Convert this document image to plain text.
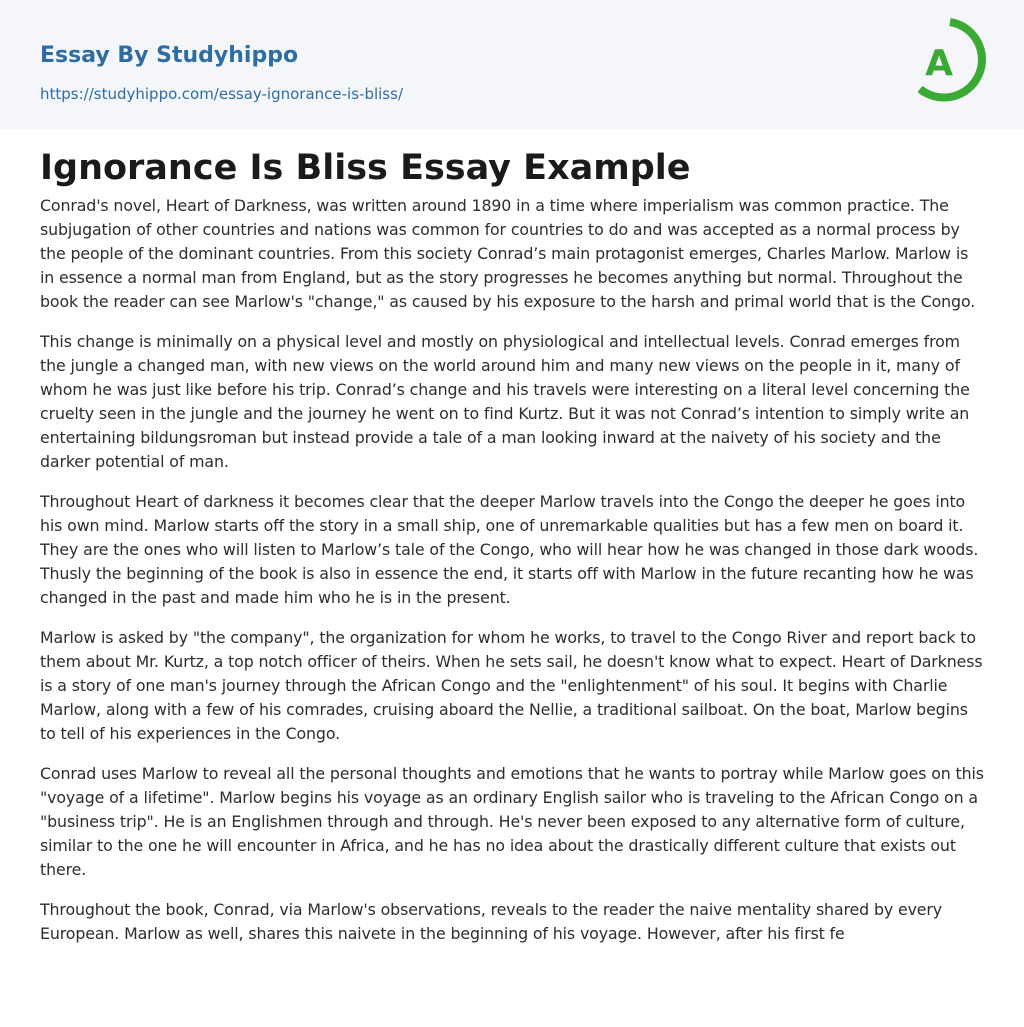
Essay By Studyhippo
https://studyhippo.com/essay-ignorance-is-bliss/
A
Ignorance Is Bliss Essay Example

Conrad's novel, Heart of Darkness, was written around 1890 in a time where imperialism was common practice. The subjugation of other countries and nations was common for countries to do and was accepted as a normal process by the people of the dominant countries. From this society Conrad’s main protagonist emerges, Charles Marlow. Marlow is in essence a normal man from England, but as the story progresses he becomes anything but normal. Throughout the book the reader can see Marlow's "change," as caused by his exposure to the harsh and primal world that is the Congo.

This change is minimally on a physical level and mostly on physiological and intellectual levels. Conrad emerges from the jungle a changed man, with new views on the world around him and many new views on the people in it, many of whom he was just like before his trip. Conrad’s change and his travels were interesting on a literal level concerning the cruelty seen in the jungle and the journey he went on to find Kurtz. But it was not Conrad’s intention to simply write an entertaining bildungsroman but instead provide a tale of a man looking inward at the naivety of his society and the darker potential of man.

Throughout Heart of darkness it becomes clear that the deeper Marlow travels into the Congo the deeper he goes into his own mind. Marlow starts off the story in a small ship, one of unremarkable qualities but has a few men on board it. They are the ones who will listen to Marlow’s tale of the Congo, who will hear how he was changed in those dark woods. Thusly the beginning of the book is also in essence the end, it starts off with Marlow in the future recanting how he was changed in the past and made him who he is in the present.

Marlow is asked by "the company", the organization for whom he works, to travel to the Congo River and report back to them about Mr. Kurtz, a top notch officer of theirs. When he sets sail, he doesn't know what to expect. Heart of Darkness is a story of one man's journey through the African Congo and the "enlightenment" of his soul. It begins with Charlie Marlow, along with a few of his comrades, cruising aboard the Nellie, a traditional sailboat. On the boat, Marlow begins to tell of his experiences in the Congo.

Conrad uses Marlow to reveal all the personal thoughts and emotions that he wants to portray while Marlow goes on this "voyage of a lifetime". Marlow begins his voyage as an ordinary English sailor who is traveling to the African Congo on a "business trip". He is an Englishmen through and through. He's never been exposed to any alternative form of culture, similar to the one he will encounter in Africa, and he has no idea about the drastically different culture that exists out there.

Throughout the book, Conrad, via Marlow's observations, reveals to the reader the naive mentality shared by every European. Marlow as well, shares this naivete in the beginning of his voyage. However, after his first fe
